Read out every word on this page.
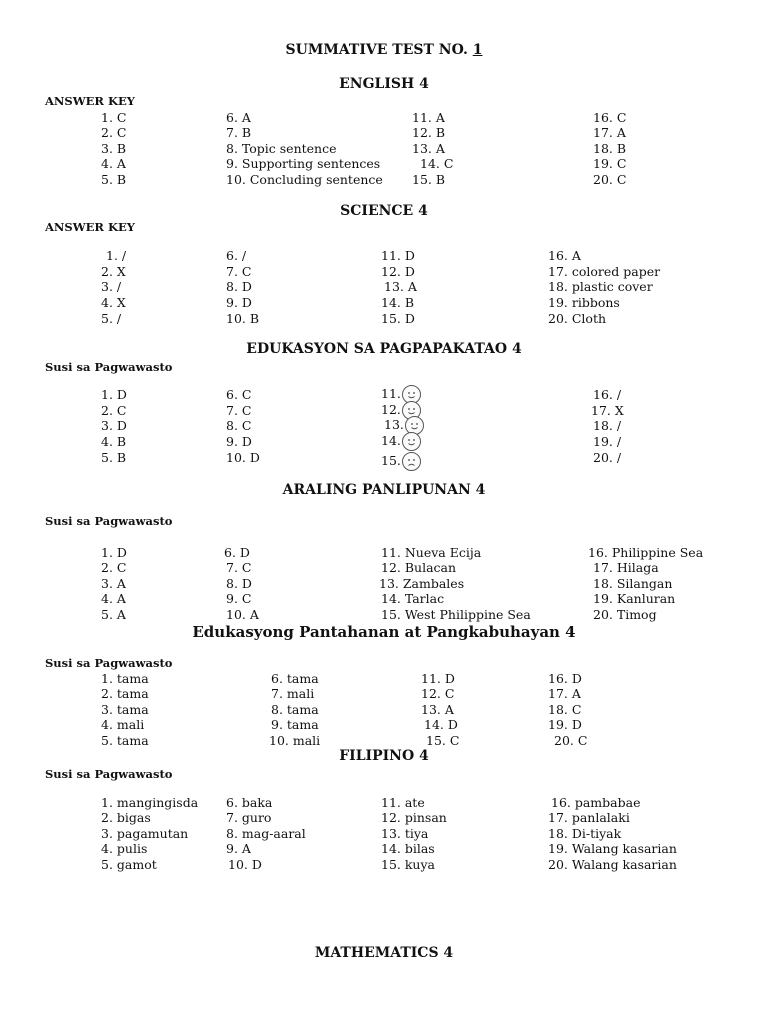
SUMMATIVE TEST NO. 1
ENGLISH 4
ANSWER KEY
1. C	6. A	11. A	16. C
2. C	7. B	12. B	17. A
3. B	8. Topic sentence	13. A	18. B
4. A	9. Supporting sentences	14. C	19. C
5. B	10. Concluding sentence 15. B	20. C
SCIENCE 4
ANSWER KEY
1. /	6. /	11. D	16. A
2. X	7. C	12. D	17. colored paper
3. /	8. D	13. A	18. plastic cover
4. X	9. D	14. B	19. ribbons
5. /	10. B	15. D	20. Cloth
EDUKASYON SA PAGPAPAKATAO 4
Susi sa Pagwawasto
1. D	6. C	11.	16. /
2. C	7. C	12.	17. X
3. D	8. C	13.	18. /
4. B	9. D	14.	19. /
5. B	10. D	15.	20. /
ARALING PANLIPUNAN 4
Susi sa Pagwawasto
1. D	6. D	11. Nueva Ecija	16. Philippine Sea
2. C	7. C	12. Bulacan	17. Hilaga
3. A	8. D	13. Zambales	18. Silangan
4. A	9. C	14. Tarlac	19. Kanluran
5. A	10. A	15. West Philippine Sea	20. Timog
Edukasyong Pantahanan at Pangkabuhayan 4
Susi sa Pagwawasto
1. tama	6. tama	11. D	16. D
2. tama	7. mali	12. C	17. A
3. tama	8. tama	13. A	18. C
4. mali	9. tama	14. D	19. D
5. tama	10. mali	15. C	20. C
FILIPINO 4
Susi sa Pagwawasto
1. mangingisda 6. baka	11. ate	16. pambabae
2. bigas	7. guro	12. pinsan	17. panlalaki
3. pagamutan	8. mag-aaral	13. tiya	18. Di-tiyak
4. pulis	9. A	14. bilas	19. Walang kasarian
5. gamot	10. D	15. kuya	20. Walang kasarian
MATHEMATICS 4
